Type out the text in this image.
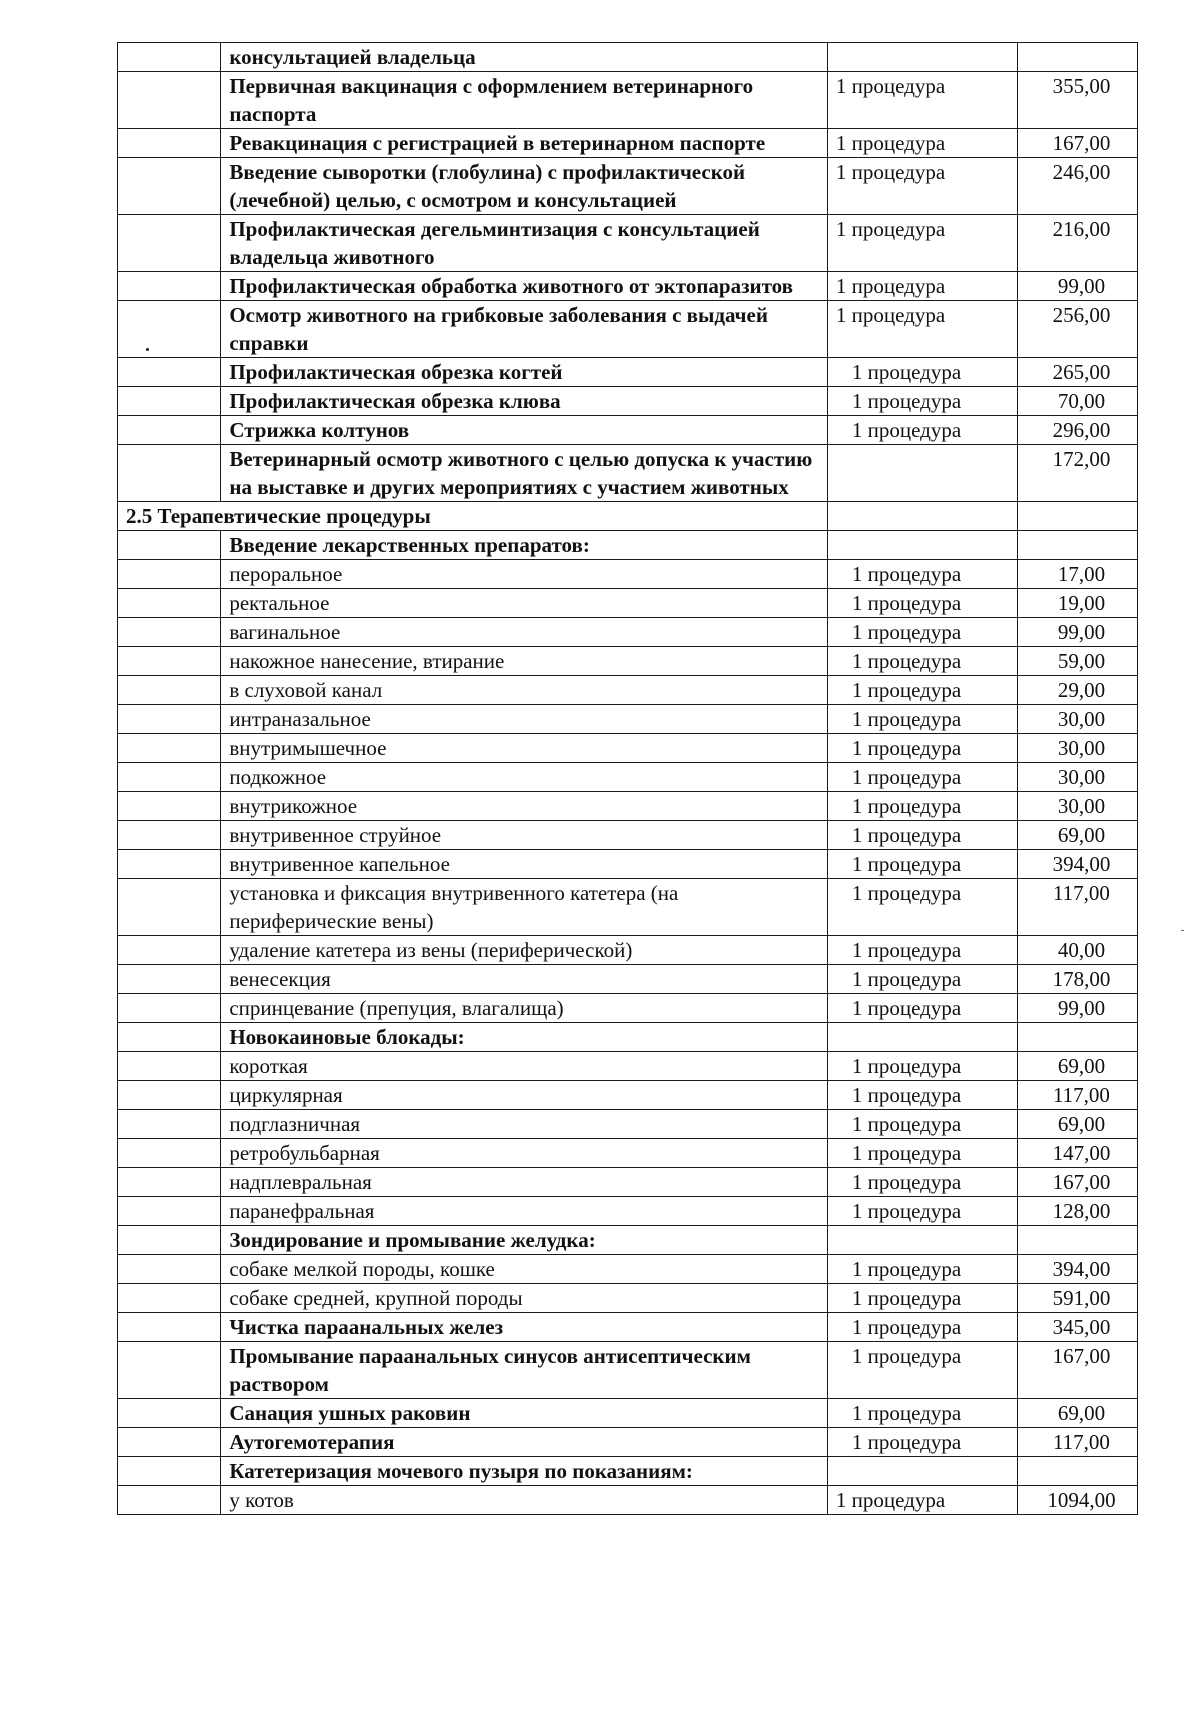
	консультацией владельца		
	Первичная вакцинация с оформлением ветеринарного паспорта	1 процедура	355,00
	Ревакцинация с регистрацией в ветеринарном паспорте	1 процедура	167,00
	Введение сыворотки (глобулина) с профилактической (лечебной) целью, с осмотром и консультацией	1 процедура	246,00
	Профилактическая дегельминтизация с консультацией владельца животного	1 процедура	216,00
	Профилактическая обработка животного от эктопаразитов	1 процедура	99,00

	Осмотр животного на грибковые заболевания с выдачей справки	1 процедура	256,00
	Профилактическая обрезка когтей	1 процедура	265,00
	Профилактическая обрезка клюва	1 процедура	70,00
	Стрижка колтунов	1 процедура	296,00
	Ветеринарный осмотр животного с целью допуска к участию на выставке и других мероприятиях с участием животных		172,00
2.5 Терапевтические процедуры			
	Введение лекарственных препаратов:		
	пероральное	1 процедура	17,00
	ректальное	1 процедура	19,00
	вагинальное	1 процедура	99,00
	накожное нанесение, втирание	1 процедура	59,00
	в слуховой канал	1 процедура	29,00
	интраназальное	1 процедура	30,00
	внутримышечное	1 процедура	30,00
	подкожное	1 процедура	30,00
	внутрикожное	1 процедура	30,00
	внутривенное струйное	1 процедура	69,00
	внутривенное капельное	1 процедура	394,00
	установка и фиксация внутривенного катетера (на периферические вены)	1 процедура	117,00
	удаление катетера из вены (периферической)	1 процедура	40,00
	венесекция	1 процедура	178,00
	спринцевание (препуция, влагалища)	1 процедура	99,00
	Новокаиновые блокады:		
	короткая	1 процедура	69,00
	циркулярная	1 процедура	117,00
	подглазничная	1 процедура	69,00
	ретробульбарная	1 процедура	147,00
	надплевральная	1 процедура	167,00
	паранефральная	1 процедура	128,00
	Зондирование и промывание желудка:		
	собаке мелкой породы, кошке	1 процедура	394,00
	собаке средней, крупной породы	1 процедура	591,00
	Чистка параанальных желез	1 процедура	345,00
	Промывание параанальных синусов антисептическим раствором	1 процедура	167,00
	Санация ушных раковин	1 процедура	69,00
	Аутогемотерапия	1 процедура	117,00
	Катетеризация мочевого пузыря по показаниям:		
	у котов	1 процедура	1094,00
